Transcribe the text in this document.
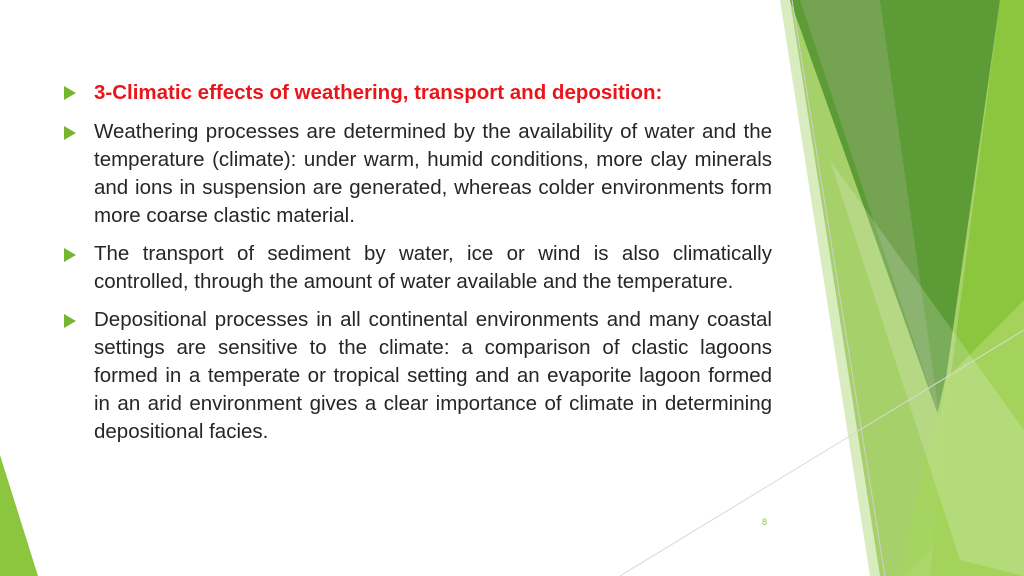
3-Climatic effects of weathering, transport and deposition:
Weathering processes are determined by the availability of water and the temperature (climate): under warm, humid conditions, more clay minerals and ions in suspension are generated, whereas colder environments form more coarse clastic material.
The transport of sediment by water, ice or wind is also climatically controlled, through the amount of water available and the temperature.
Depositional processes in all continental environments and many coastal settings are sensitive to the climate: a comparison of clastic lagoons formed in a temperate or tropical setting and an evaporite lagoon formed in an arid environment gives a clear importance of climate in determining depositional facies.
8
